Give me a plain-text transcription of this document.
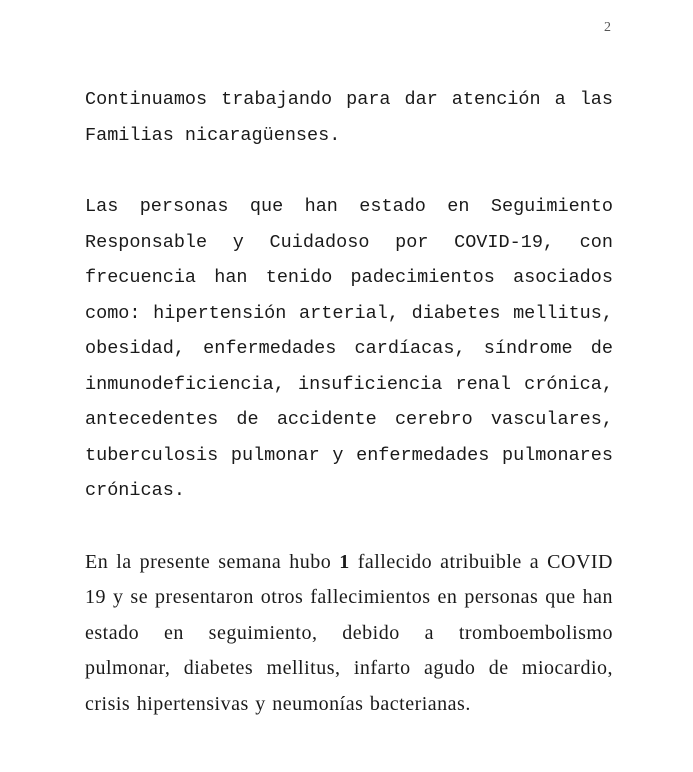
2

Continuamos trabajando para dar atención a las Familias nicaragüenses.

Las personas que han estado en Seguimiento Responsable y Cuidadoso por COVID-19, con frecuencia han tenido padecimientos asociados como: hipertensión arterial, diabetes mellitus, obesidad, enfermedades cardíacas, síndrome de inmunodeficiencia, insuficiencia renal crónica, antecedentes de accidente cerebro vasculares, tuberculosis pulmonar y enfermedades pulmonares crónicas.

En la presente semana hubo 1 fallecido atribuible a COVID 19 y se presentaron otros fallecimientos en personas que han estado en seguimiento, debido a tromboembolismo pulmonar, diabetes mellitus, infarto agudo de miocardio, crisis hipertensivas y neumonías bacterianas.
